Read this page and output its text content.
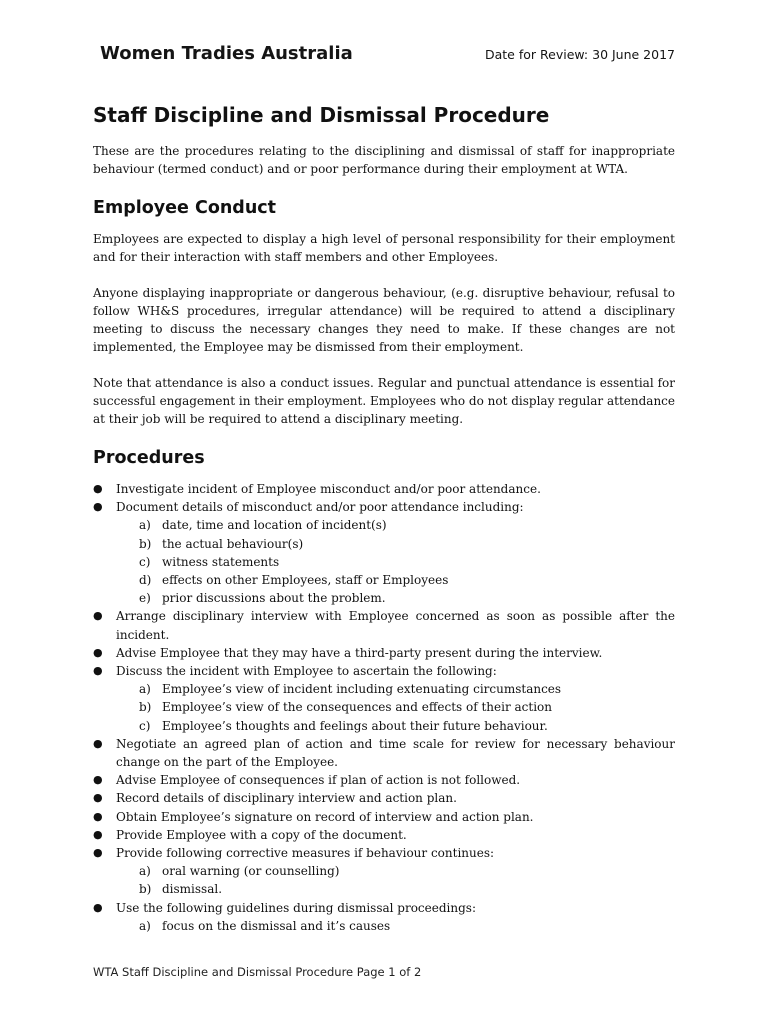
Women Tradies Australia	Date for Review: 30 June 2017
Staff Discipline and Dismissal Procedure

These are the procedures relating to the disciplining and dismissal of staff for inappropriate behaviour (termed conduct) and or poor performance during their employment at WTA.

Employee Conduct

Employees are expected to display a high level of personal responsibility for their employment and for their interaction with staff members and other Employees.

Anyone displaying inappropriate or dangerous behaviour, (e.g. disruptive behaviour, refusal to follow WH&S procedures, irregular attendance) will be required to attend a disciplinary meeting to discuss the necessary changes they need to make. If these changes are not implemented, the Employee may be dismissed from their employment.

Note that attendance is also a conduct issues. Regular and punctual attendance is essential for successful engagement in their employment. Employees who do not display regular attendance at their job will be required to attend a disciplinary meeting.

Procedures
● Investigate incident of Employee misconduct and/or poor attendance.
● Document details of misconduct and/or poor attendance including:
a) date, time and location of incident(s)
b) the actual behaviour(s)
c) witness statements
d) effects on other Employees, staff or Employees
e) prior discussions about the problem.
● Arrange disciplinary interview with Employee concerned as soon as possible after the incident.
● Advise Employee that they may have a third-party present during the interview.
● Discuss the incident with Employee to ascertain the following:
a) Employee’s view of incident including extenuating circumstances
b) Employee’s view of the consequences and effects of their action
c) Employee’s thoughts and feelings about their future behaviour.
● Negotiate an agreed plan of action and time scale for review for necessary behaviour change on the part of the Employee.
● Advise Employee of consequences if plan of action is not followed.
● Record details of disciplinary interview and action plan.
● Obtain Employee’s signature on record of interview and action plan.
● Provide Employee with a copy of the document.
● Provide following corrective measures if behaviour continues:
a) oral warning (or counselling)
b) dismissal.
● Use the following guidelines during dismissal proceedings:
a) focus on the dismissal and it’s causes
WTA Staff Discipline and Dismissal Procedure Page 1 of 2
